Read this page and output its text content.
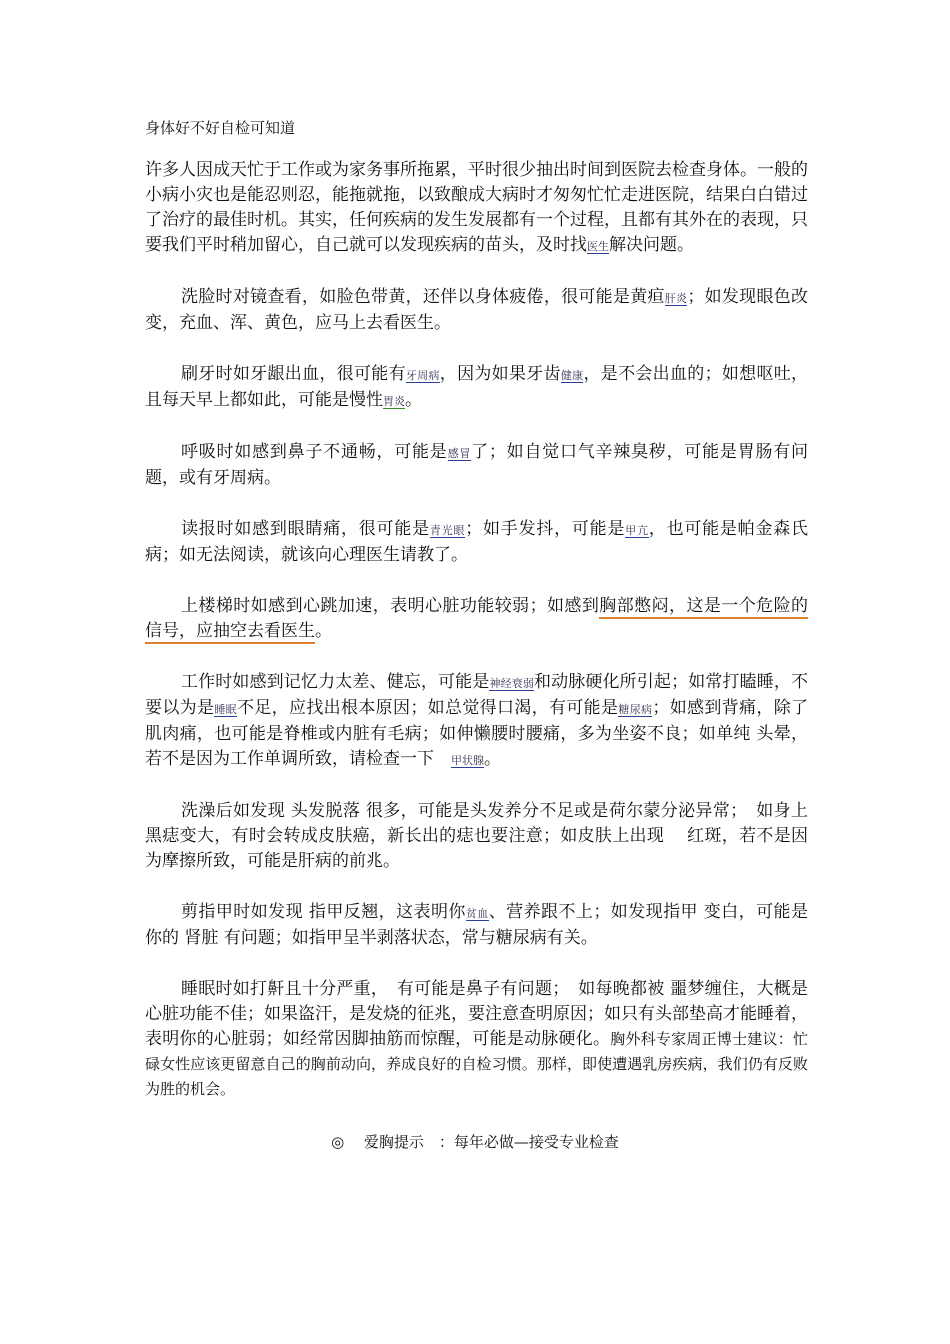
身体好不好自检可知道

许多人因成天忙于工作或为家务事所拖累，平时很少抽出时间到医院去检查身体。一般的小病小灾也是能忍则忍，能拖就拖，以致酿成大病时才匆匆忙忙走进医院，结果白白错过了治疗的最佳时机。其实，任何疾病的发生发展都有一个过程，且都有其外在的表现，只要我们平时稍加留心，自己就可以发现疾病的苗头，及时找医生解决问题。

洗脸时对镜查看，如脸色带黄，还伴以身体疲倦，很可能是黄疸肝炎；如发现眼色改变，充血、浑、黄色，应马上去看医生。

刷牙时如牙龈出血，很可能有牙周病，因为如果牙齿健康，是不会出血的；如想呕吐，且每天早上都如此，可能是慢性胃炎。

呼吸时如感到鼻子不通畅，可能是感冒了；如自觉口气辛辣臭秽，可能是胃肠有问题，或有牙周病。

读报时如感到眼睛痛，很可能是青光眼；如手发抖，可能是甲亢，也可能是帕金森氏病；如无法阅读，就该向心理医生请教了。

上楼梯时如感到心跳加速，表明心脏功能较弱；如感到胸部憋闷，这是一个危险的信号，应抽空去看医生。

工作时如感到记忆力太差、健忘，可能是神经衰弱和动脉硬化所引起；如常打瞌睡，不要以为是睡眠不足，应找出根本原因；如总觉得口渴，有可能是糖尿病；如感到背痛，除了肌肉痛，也可能是脊椎或内脏有毛病；如伸懒腰时腰痛，多为坐姿不良；如单纯 头晕，若不是因为工作单调所致，请检查一下　甲状腺。

洗澡后如发现 头发脱落 很多，可能是头发养分不足或是荷尔蒙分泌异常；　如身上黑痣变大，有时会转成皮肤癌，新长出的痣也要注意；如皮肤上出现　 红斑，若不是因为摩擦所致，可能是肝病的前兆。

剪指甲时如发现 指甲反翘，这表明你贫血、营养跟不上；如发现指甲 变白，可能是你的 肾脏 有问题；如指甲呈半剥落状态，常与糖尿病有关。

睡眠时如打鼾且十分严重，　有可能是鼻子有问题；　如每晚都被 噩梦缠住，大概是心脏功能不佳；如果盗汗，是发烧的征兆，要注意查明原因；如只有头部垫高才能睡着，表明你的心脏弱；如经常因脚抽筋而惊醒，可能是动脉硬化。胸外科专家周正博士建议：忙碌女性应该更留意自己的胸前动向，养成良好的自检习惯。那样，即使遭遇乳房疾病，我们仍有反败为胜的机会。

◎　 爱胸提示　：每年必做—接受专业检查
